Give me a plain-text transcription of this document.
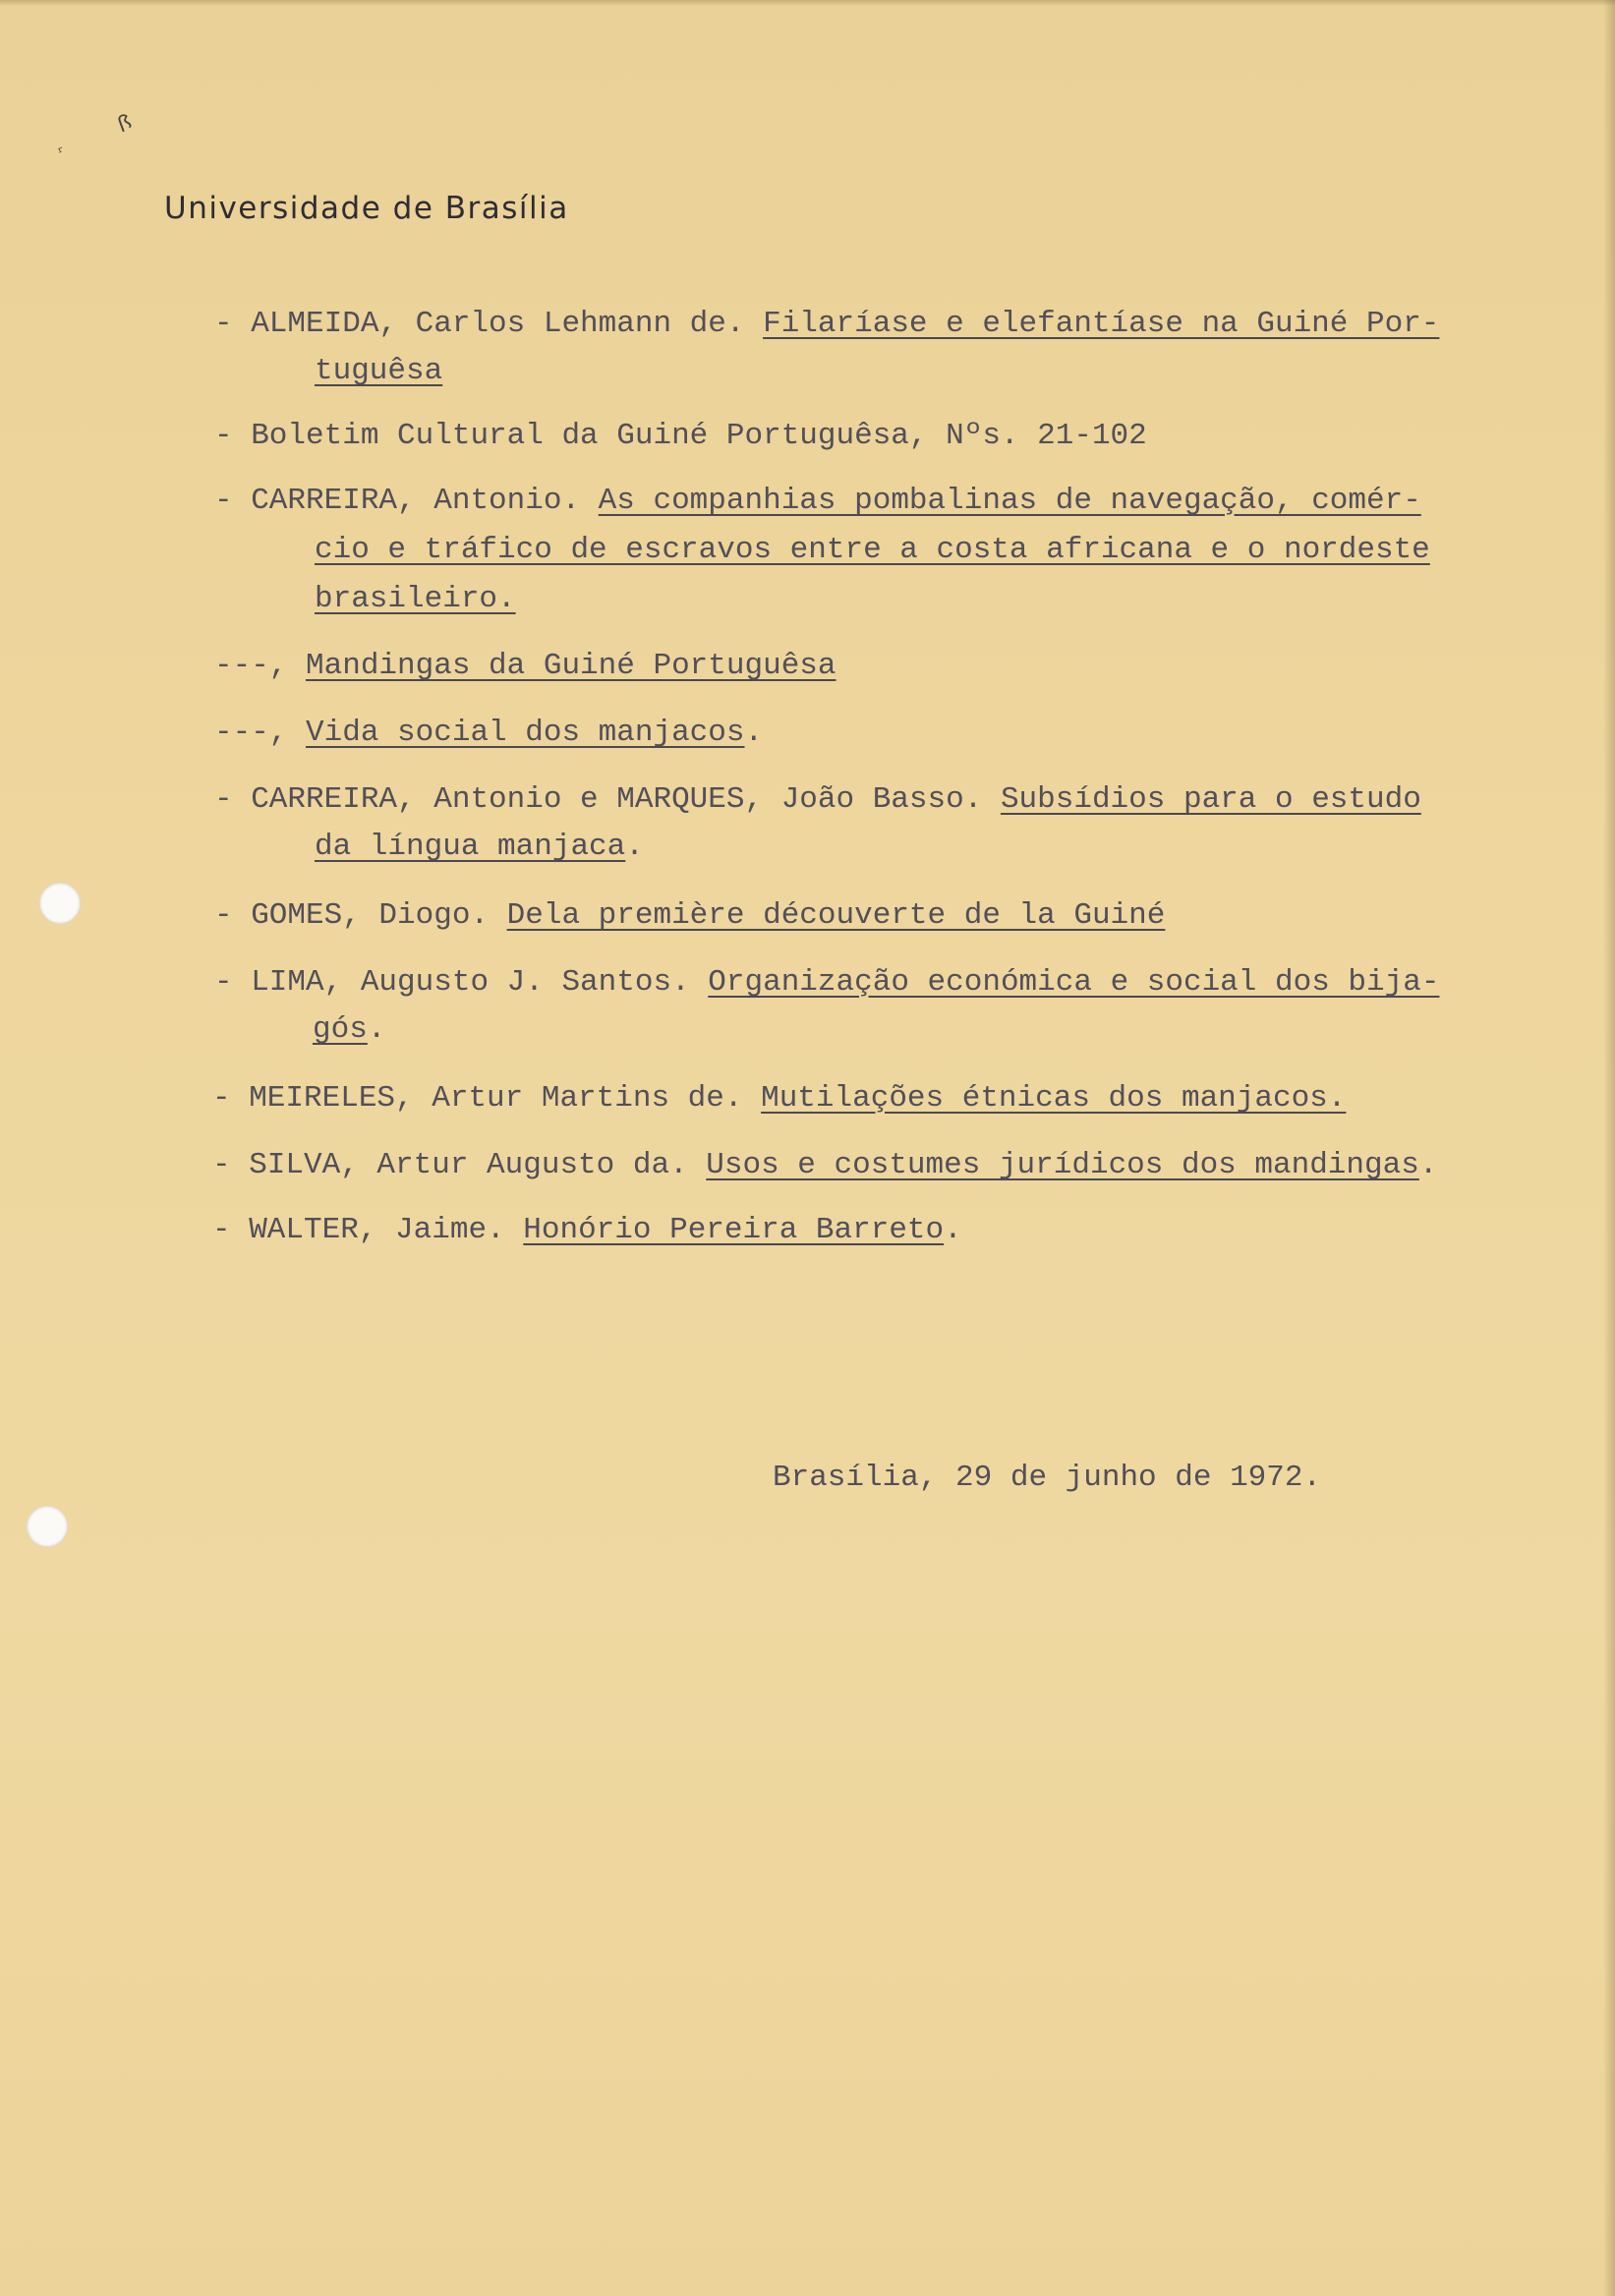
ꟗ
ᵣ
Universidade de Brasília
- ALMEIDA, Carlos Lehmann de. Filaríase e elefantíase na Guiné Por-
tuguêsa
- Boletim Cultural da Guiné Portuguêsa, Nºs. 21-102
- CARREIRA, Antonio. As companhias pombalinas de navegação, comér-
cio e tráfico de escravos entre a costa africana e o nordeste
brasileiro.
---, Mandingas da Guiné Portuguêsa
---, Vida social dos manjacos.
- CARREIRA, Antonio e MARQUES, João Basso. Subsídios para o estudo
da língua manjaca.
- GOMES, Diogo. Dela première découverte de la Guiné
- LIMA, Augusto J. Santos. Organização económica e social dos bija-
gós.
- MEIRELES, Artur Martins de. Mutilações étnicas dos manjacos.
- SILVA, Artur Augusto da. Usos e costumes jurídicos dos mandingas.
- WALTER, Jaime. Honório Pereira Barreto.
Brasília, 29 de junho de 1972.
